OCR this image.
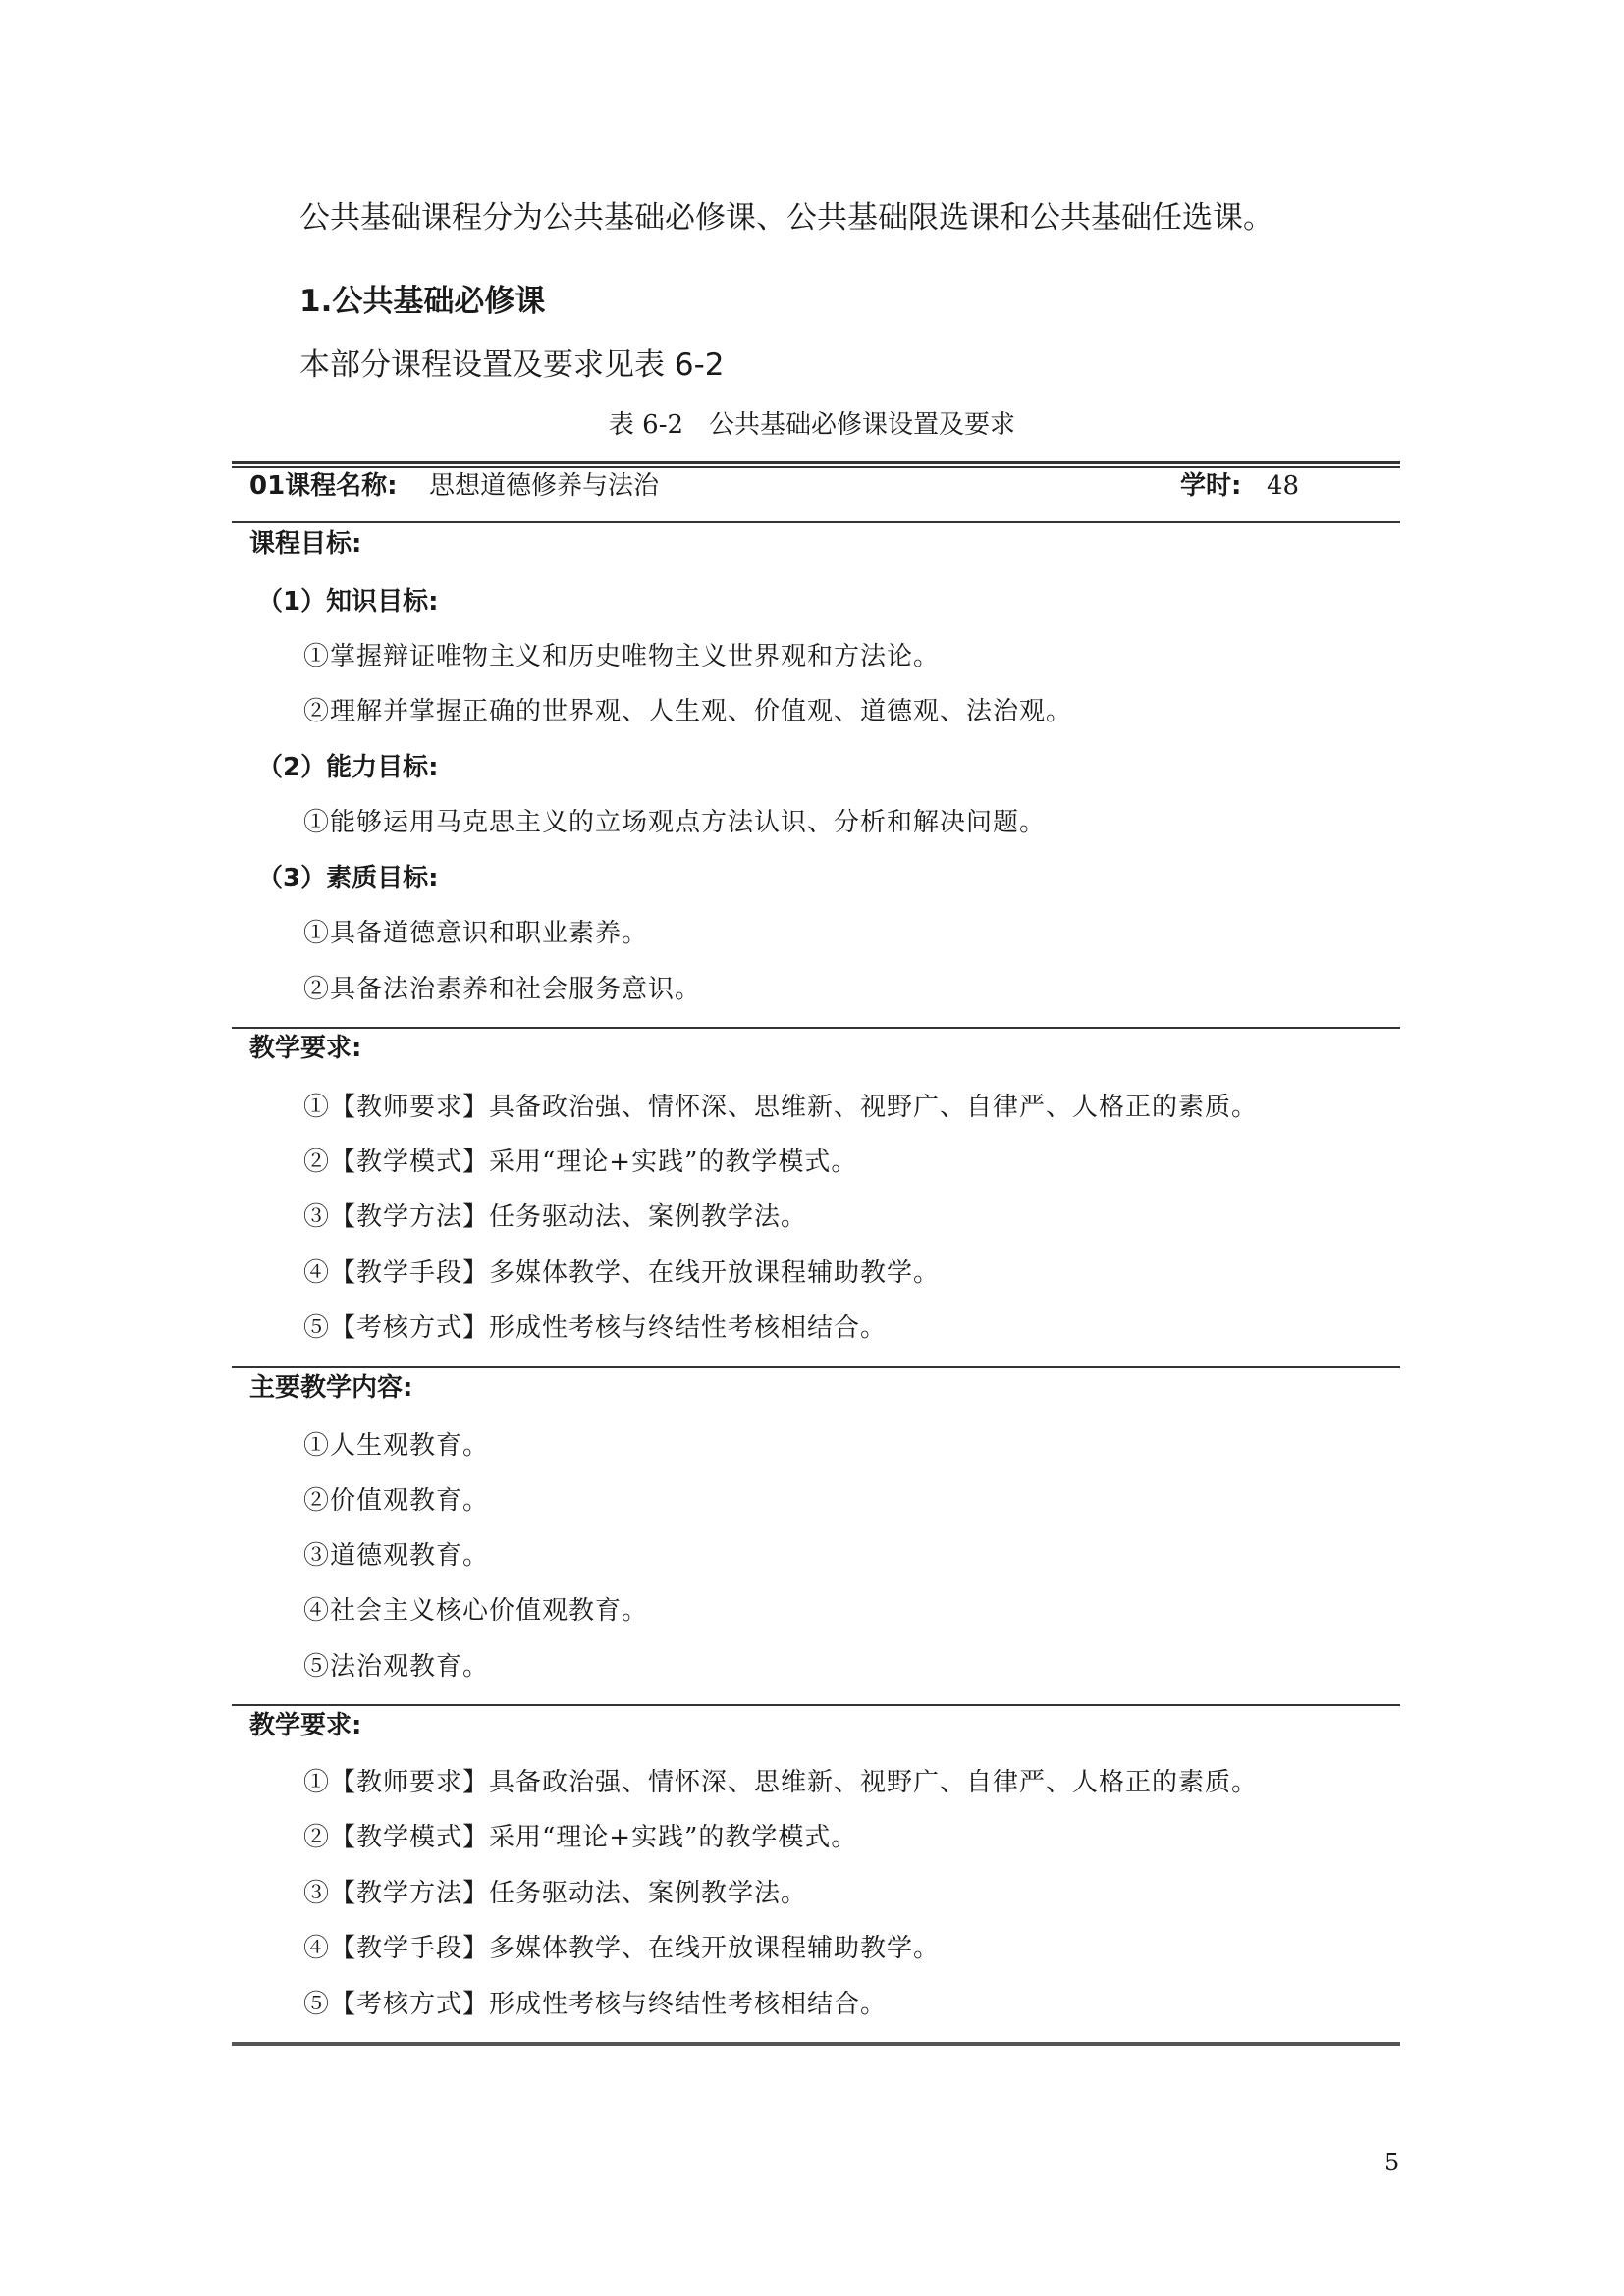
公共基础课程分为公共基础必修课、公共基础限选课和公共基础任选课。
1.公共基础必修课
本部分课程设置及要求见表 6-2
表 6-2　公共基础必修课设置及要求
01课程名称: 思想道德修养与法治	学时: 48
课程目标:
（1）知识目标:
①掌握辩证唯物主义和历史唯物主义世界观和方法论。
②理解并掌握正确的世界观、人生观、价值观、道德观、法治观。
（2）能力目标:
①能够运用马克思主义的立场观点方法认识、分析和解决问题。
（3）素质目标:
①具备道德意识和职业素养。
②具备法治素养和社会服务意识。
教学要求:
①【教师要求】具备政治强、情怀深、思维新、视野广、自律严、人格正的素质。
②【教学模式】采用“理论+实践”的教学模式。
③【教学方法】任务驱动法、案例教学法。
④【教学手段】多媒体教学、在线开放课程辅助教学。
⑤【考核方式】形成性考核与终结性考核相结合。
主要教学内容:
①人生观教育。
②价值观教育。
③道德观教育。
④社会主义核心价值观教育。
⑤法治观教育。
教学要求:
①【教师要求】具备政治强、情怀深、思维新、视野广、自律严、人格正的素质。
②【教学模式】采用“理论+实践”的教学模式。
③【教学方法】任务驱动法、案例教学法。
④【教学手段】多媒体教学、在线开放课程辅助教学。
⑤【考核方式】形成性考核与终结性考核相结合。
5
